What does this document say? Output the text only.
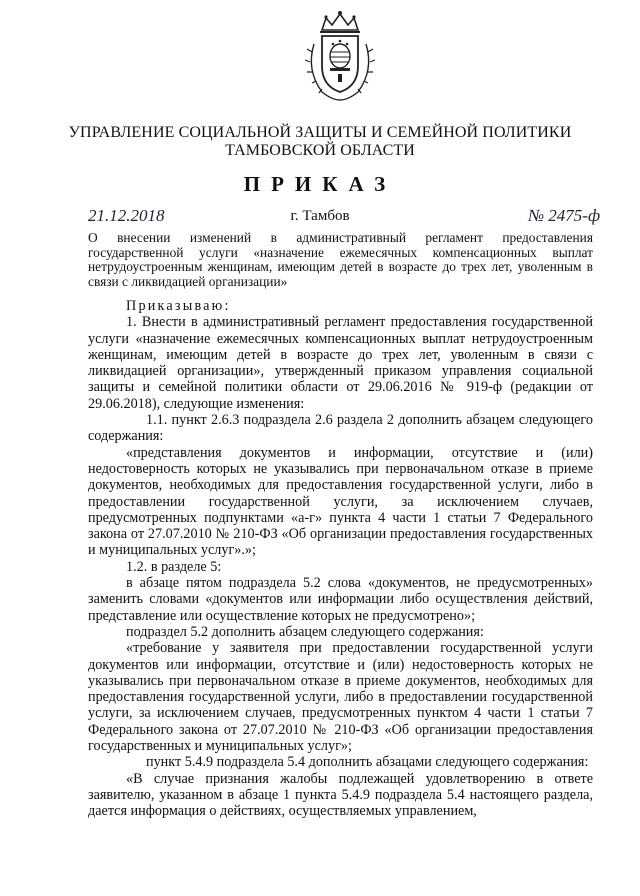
УПРАВЛЕНИЕ СОЦИАЛЬНОЙ ЗАЩИТЫ И СЕМЕЙНОЙ ПОЛИТИКИ
ТАМБОВСКОЙ ОБЛАСТИ
ПРИКАЗ
21.12.2018	г. Тамбов	№ 2475-ф
О внесении изменений в административный регламент предоставления государственной услуги «назначение ежемесячных компенсационных выплат нетрудоустроенным женщинам, имеющим детей в возрасте до трех лет, уволенным в связи с ликвидацией организации»

Приказываю:

1. Внести в административный регламент предоставления государственной услуги «назначение ежемесячных компенсационных выплат нетрудоустроенным женщинам, имеющим детей в возрасте до трех лет, уволенным в связи с ликвидацией организации», утвержденный приказом управления социальной защиты и семейной политики области от 29.06.2016 № 919-ф (редакции от 29.06.2018), следующие изменения:

1.1. пункт 2.6.3 подраздела 2.6 раздела 2 дополнить абзацем следующего содержания:

«представления документов и информации, отсутствие и (или) недостоверность которых не указывались при первоначальном отказе в приеме документов, необходимых для предоставления государственной услуги, либо в предоставлении государственной услуги, за исключением случаев, предусмотренных подпунктами «а-г» пункта 4 части 1 статьи 7 Федерального закона от 27.07.2010 № 210-ФЗ «Об организации предоставления государственных и муниципальных услуг».»;

1.2. в разделе 5:

в абзаце пятом подраздела 5.2 слова «документов, не предусмотренных» заменить словами «документов или информации либо осуществления действий, представление или осуществление которых не предусмотрено»;

подраздел 5.2 дополнить абзацем следующего содержания:

«требование у заявителя при предоставлении государственной услуги документов или информации, отсутствие и (или) недостоверность которых не указывались при первоначальном отказе в приеме документов, необходимых для предоставления государственной услуги, либо в предоставлении государственной услуги, за исключением случаев, предусмотренных пунктом 4 части 1 статьи 7 Федерального закона от 27.07.2010 № 210-ФЗ «Об организации предоставления государственных и муниципальных услуг»;

пункт 5.4.9 подраздела 5.4 дополнить абзацами следующего содержания:

«В случае признания жалобы подлежащей удовлетворению в ответе заявителю, указанном в абзаце 1 пункта 5.4.9 подраздела 5.4 настоящего раздела, дается информация о действиях, осуществляемых управлением,
